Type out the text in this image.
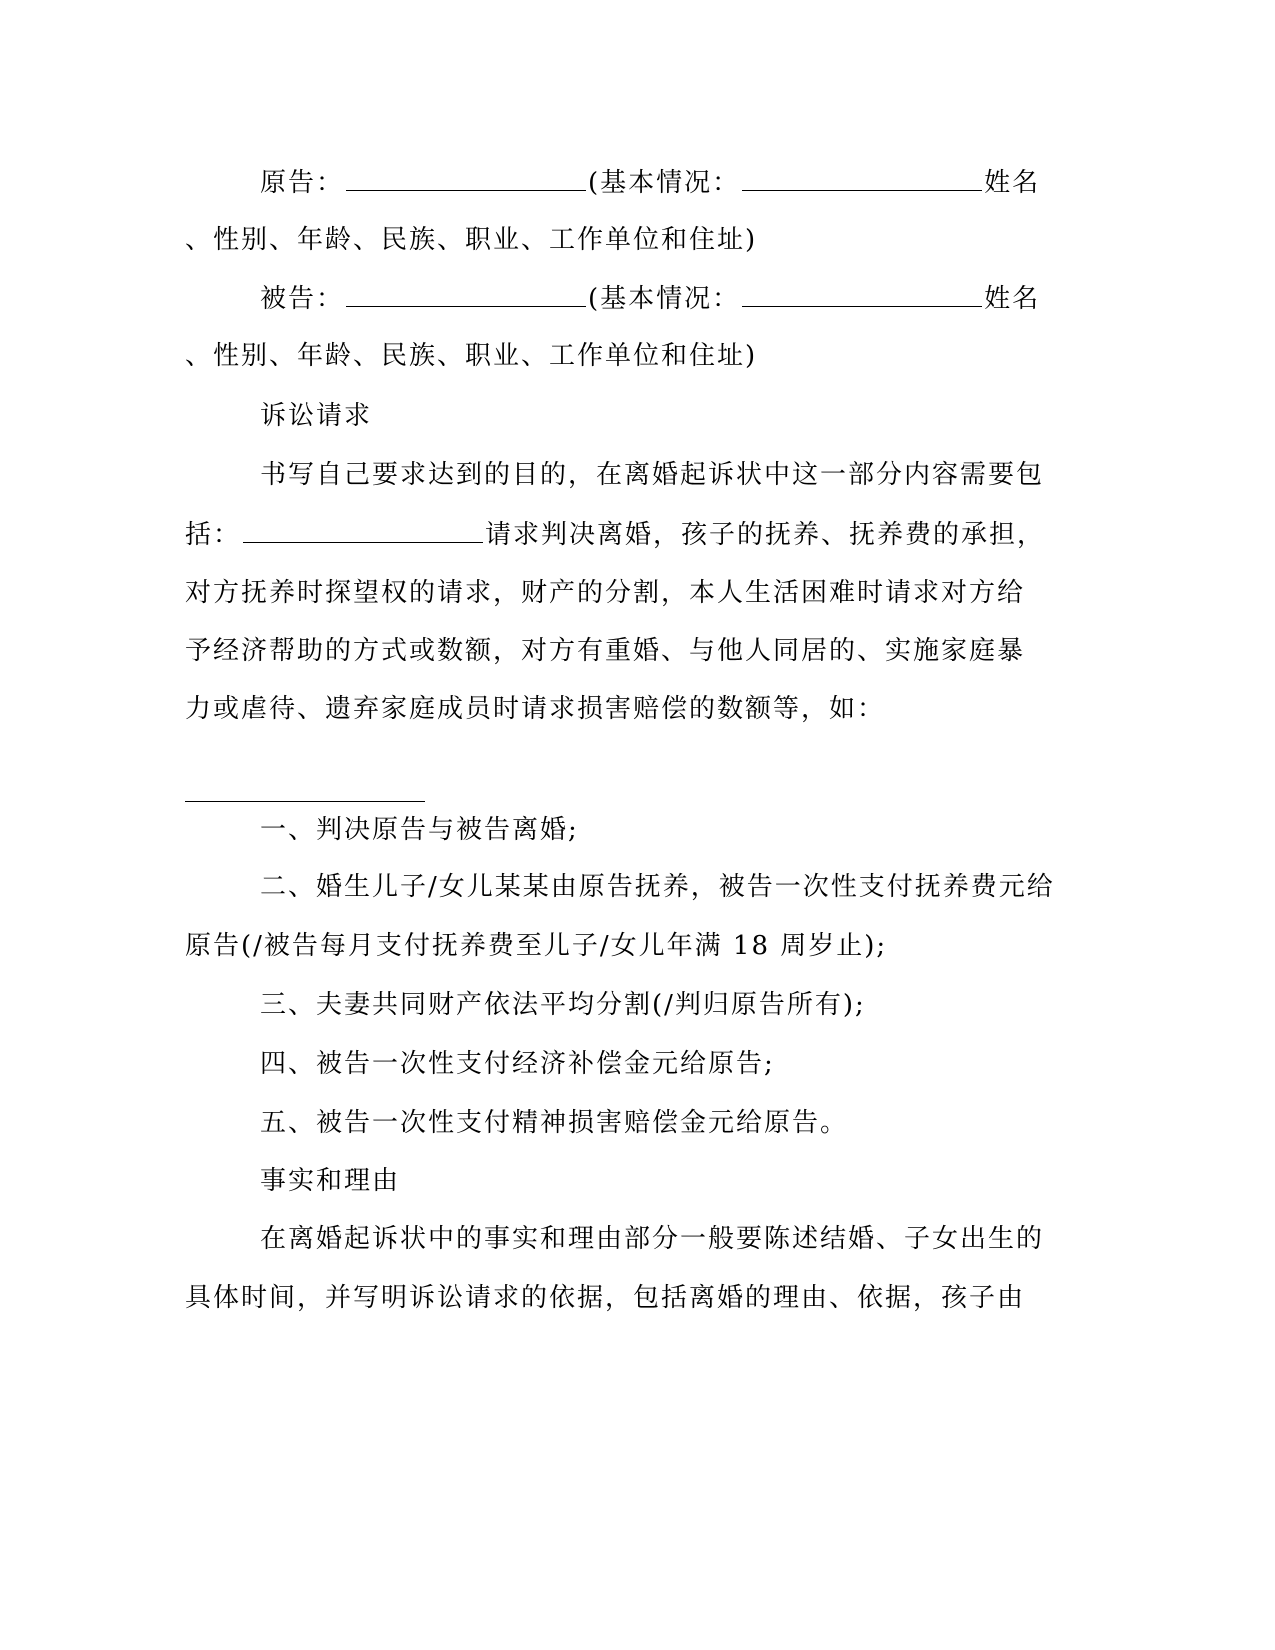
原告：	(基本情况：	姓名
、性别、年龄、民族、职业、工作单位和住址)
被告：	(基本情况：	姓名
、性别、年龄、民族、职业、工作单位和住址)
诉讼请求
书写自己要求达到的目的，在离婚起诉状中这一部分内容需要包
括：	请求判决离婚，孩子的抚养、抚养费的承担，
对方抚养时探望权的请求，财产的分割，本人生活困难时请求对方给
予经济帮助的方式或数额，对方有重婚、与他人同居的、实施家庭暴
力或虐待、遗弃家庭成员时请求损害赔偿的数额等，如：
一、判决原告与被告离婚;
二、婚生儿子/女儿某某由原告抚养，被告一次性支付抚养费元给
原告(/被告每月支付抚养费至儿子/女儿年满 18 周岁止);
三、夫妻共同财产依法平均分割(/判归原告所有);
四、被告一次性支付经济补偿金元给原告;
五、被告一次性支付精神损害赔偿金元给原告。
事实和理由
在离婚起诉状中的事实和理由部分一般要陈述结婚、子女出生的
具体时间，并写明诉讼请求的依据，包括离婚的理由、依据，孩子由
